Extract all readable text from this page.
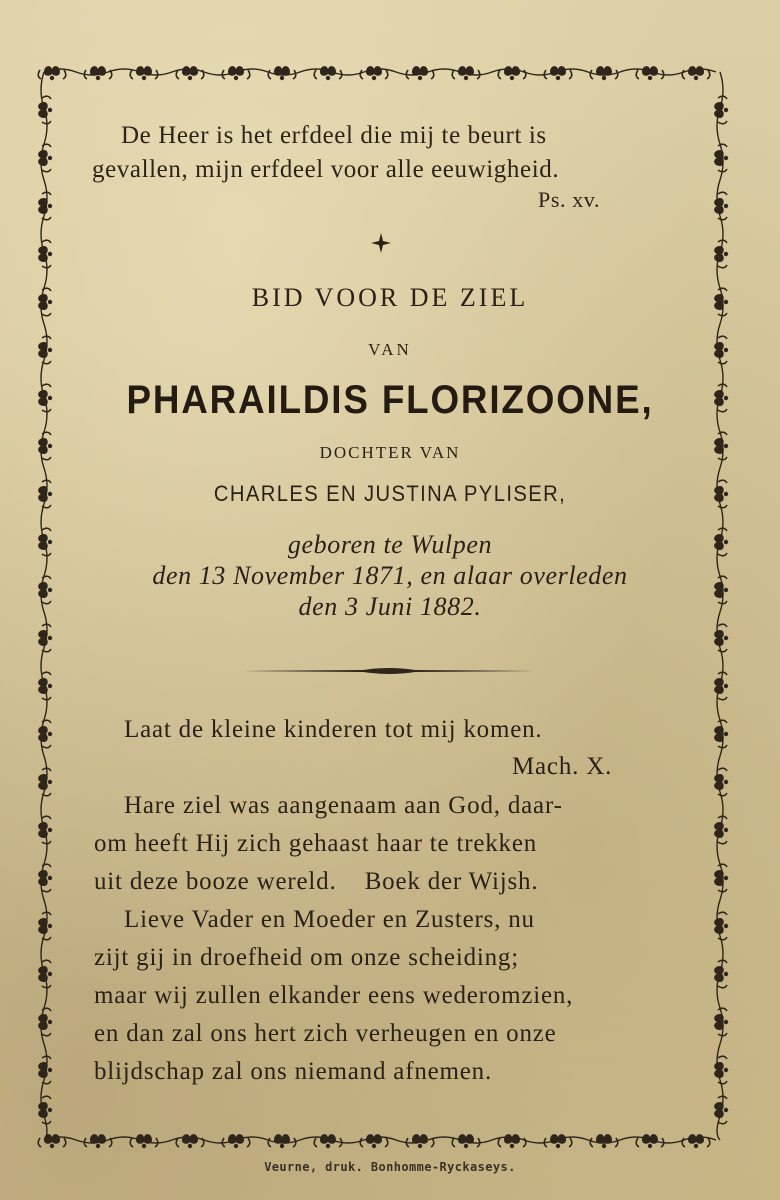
De Heer is het erfdeel die mij te beurt is

gevallen, mijn erfdeel voor alle eeuwigheid.

Ps. xv.

BID VOOR DE ZIEL

VAN

PHARAILDIS FLORIZOONE,

DOCHTER VAN

CHARLES EN JUSTINA PYLISER,

geboren te Wulpen

den 13 November 1871, en alaar overleden

den 3 Juni 1882.

Laat de kleine kinderen tot mij komen.

Mach. X.

Hare ziel was aangenaam aan God, daar-

om heeft Hij zich gehaast haar te trekken

uit deze booze wereld.    Boek der Wijsh.

Lieve Vader en Moeder en Zusters, nu

zijt gij in droefheid om onze scheiding;

maar wij zullen elkander eens wederomzien,

en dan zal ons hert zich verheugen en onze

blijdschap zal ons niemand afnemen.

Veurne, druk. Bonhomme-Ryckaseys.
